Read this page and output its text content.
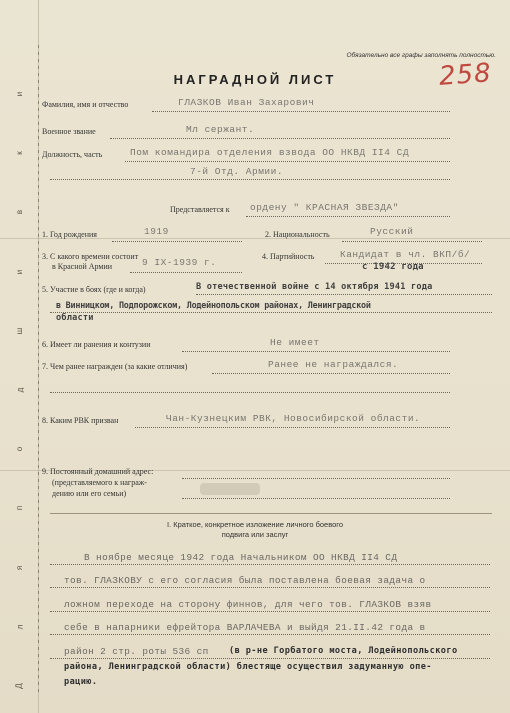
и
к
в
и
ш
д
о
п
я
л
Д
Обязательно все графы заполнять полностью.
258
НАГРАДНОЙ ЛИСТ
Фамилия, имя и отчество	ГЛАЗКОВ Иван Захарович
Военное звание	Мл сержант.
Должность, часть	Пом командира отделения взвода ОО НКВД II4 СД
7-й Отд. Армии.
Представляется к ордену " КРАСНАЯ ЗВЕЗДА"
1. Год рождения	1919	2. Национальность	Русский
3. С какого времени состоит
в Красной Армии	9 IX-1939 г.
4. Партийность	Кандидат в чл. ВКП/б/
с 1942 года
5. Участие в боях (где и когда)	В отечественной войне с 14 октября 1941 года
в Винницком, Подпорожском, Лодейнопольском районах, Ленинградской
области
6. Имеет ли ранения и контузии	Не имеет
7. Чем ранее награжден (за какие отличия)	Ранее не награждался.
8. Каким РВК призван	Чан-Кузнецким РВК, Новосибирской области.
9. Постоянный домашний адрес:
(представляемого к награж-
дению или его семьи)
I. Краткое, конкретное изложение личного боевого
подвига или заслуг
В ноябре месяце 1942 года Начальником ОО НКВД II4 СД
тов. ГЛАЗКОВУ с его согласия была поставлена боевая задача о
ложном переходе на сторону финнов, для чего тов. ГЛАЗКОВ взяв
себе в напарники ефрейтора ВАРЛАЧЕВА и выйдя 21.II.42 года в
район 2 стр. роты 536 сп (в р-не Горбатого моста, Лодейнопольского
района, Ленинградской области) блестяще осуществил задуманную опе-
рацию.
